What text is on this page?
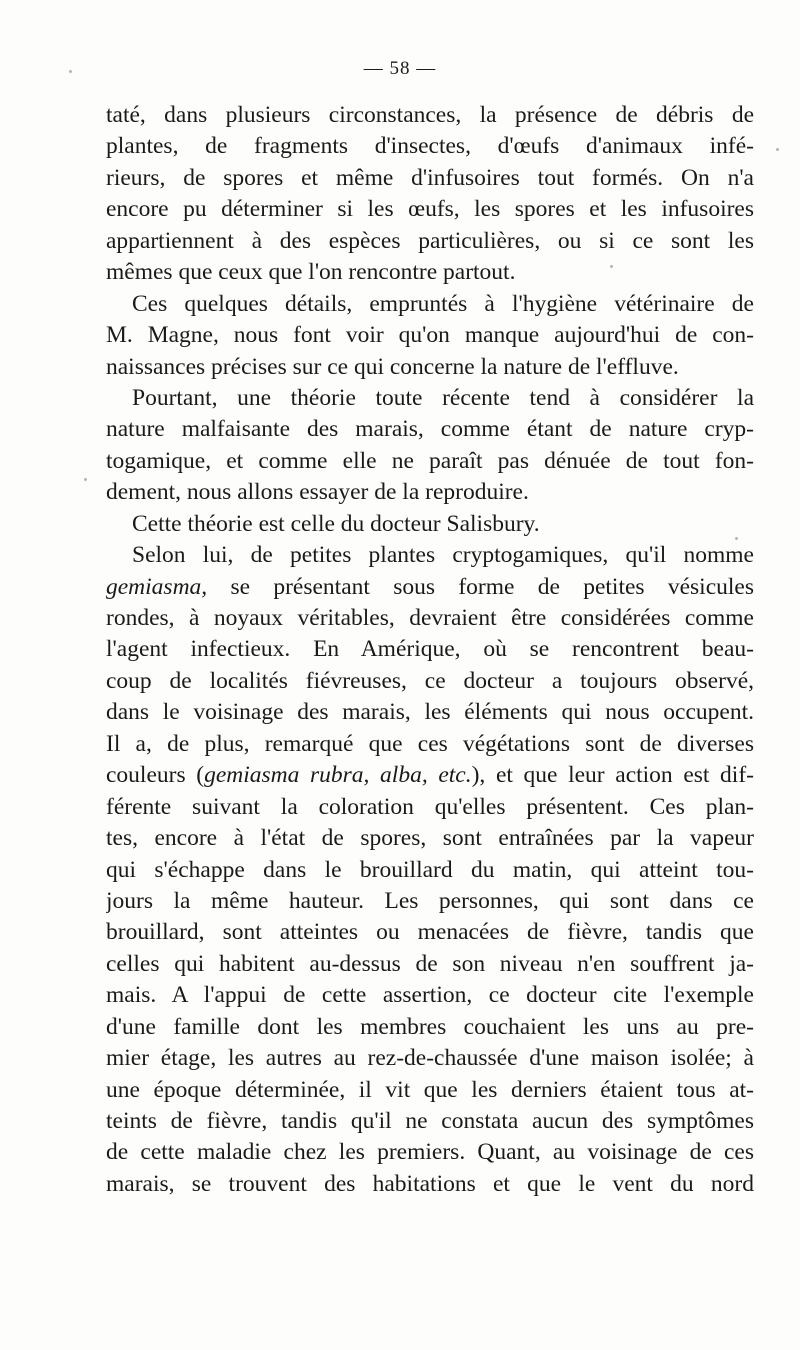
— 58 —
taté, dans plusieurs circonstances, la présence de débris de
plantes, de fragments d'insectes, d'œufs d'animaux infé-
rieurs, de spores et même d'infusoires tout formés. On n'a
encore pu déterminer si les œufs, les spores et les infusoires
appartiennent à des espèces particulières, ou si ce sont les
mêmes que ceux que l'on rencontre partout.
Ces quelques détails, empruntés à l'hygiène vétérinaire de
M. Magne, nous font voir qu'on manque aujourd'hui de con-
naissances précises sur ce qui concerne la nature de l'effluve.
Pourtant, une théorie toute récente tend à considérer la
nature malfaisante des marais, comme étant de nature cryp-
togamique, et comme elle ne paraît pas dénuée de tout fon-
dement, nous allons essayer de la reproduire.
Cette théorie est celle du docteur Salisbury.
Selon lui, de petites plantes cryptogamiques, qu'il nomme
gemiasma, se présentant sous forme de petites vésicules
rondes, à noyaux véritables, devraient être considérées comme
l'agent infectieux. En Amérique, où se rencontrent beau-
coup de localités fiévreuses, ce docteur a toujours observé,
dans le voisinage des marais, les éléments qui nous occupent.
Il a, de plus, remarqué que ces végétations sont de diverses
couleurs (gemiasma rubra, alba, etc.), et que leur action est dif-
férente suivant la coloration qu'elles présentent. Ces plan-
tes, encore à l'état de spores, sont entraînées par la vapeur
qui s'échappe dans le brouillard du matin, qui atteint tou-
jours la même hauteur. Les personnes, qui sont dans ce
brouillard, sont atteintes ou menacées de fièvre, tandis que
celles qui habitent au-dessus de son niveau n'en souffrent ja-
mais. A l'appui de cette assertion, ce docteur cite l'exemple
d'une famille dont les membres couchaient les uns au pre-
mier étage, les autres au rez-de-chaussée d'une maison isolée; à
une époque déterminée, il vit que les derniers étaient tous at-
teints de fièvre, tandis qu'il ne constata aucun des symptômes
de cette maladie chez les premiers. Quant, au voisinage de ces
marais, se trouvent des habitations et que le vent du nord
